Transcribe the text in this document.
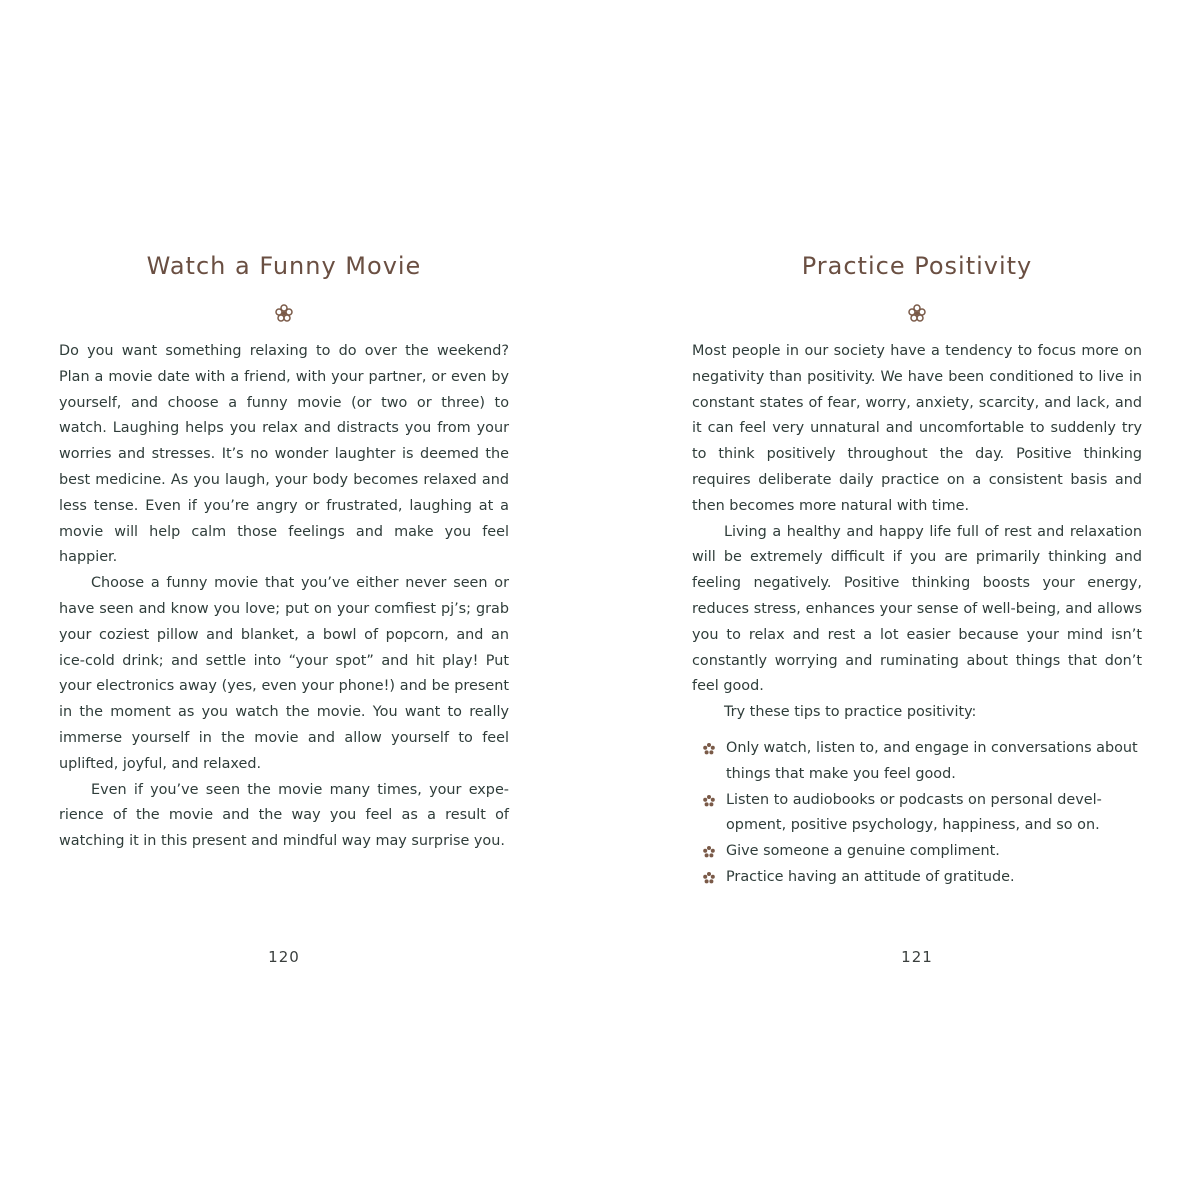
Watch a Funny Movie

Do you want something relaxing to do over the weekend? Plan a movie date with a friend, with your partner, or even by yourself, and choose a funny movie (or two or three) to watch. Laughing helps you relax and distracts you from your worries and stresses. It’s no wonder laughter is deemed the best medicine. As you laugh, your body becomes relaxed and less tense. Even if you’re angry or frustrated, laughing at a movie will help calm those feelings and make you feel happier.

Choose a funny movie that you’ve either never seen or have seen and know you love; put on your comfiest pj’s; grab your coziest pillow and blanket, a bowl of popcorn, and an ice-cold drink; and settle into “your spot” and hit play! Put your electronics away (yes, even your phone!) and be present in the moment as you watch the movie. You want to really immerse yourself in the movie and allow yourself to feel uplifted, joyful, and relaxed.

Even if you’ve seen the movie many times, your experience of the movie and the way you feel as a result of watching it in this present and mindful way may surprise you.

120
Practice Positivity

Most people in our society have a tendency to focus more on negativity than positivity. We have been conditioned to live in constant states of fear, worry, anxiety, scarcity, and lack, and it can feel very unnatural and uncomfortable to suddenly try to think positively throughout the day. Positive thinking requires deliberate daily practice on a consistent basis and then becomes more natural with time.

Living a healthy and happy life full of rest and relaxation will be extremely difficult if you are primarily thinking and feeling negatively. Positive thinking boosts your energy, reduces stress, enhances your sense of well-being, and allows you to relax and rest a lot easier because your mind isn’t constantly worrying and ruminating about things that don’t feel good.

Try these tips to practice positivity:

Only watch, listen to, and engage in conversations about things that make you feel good.
Listen to audiobooks or podcasts on personal development, positive psychology, happiness, and so on.
Give someone a genuine compliment.
Practice having an attitude of gratitude.
121
